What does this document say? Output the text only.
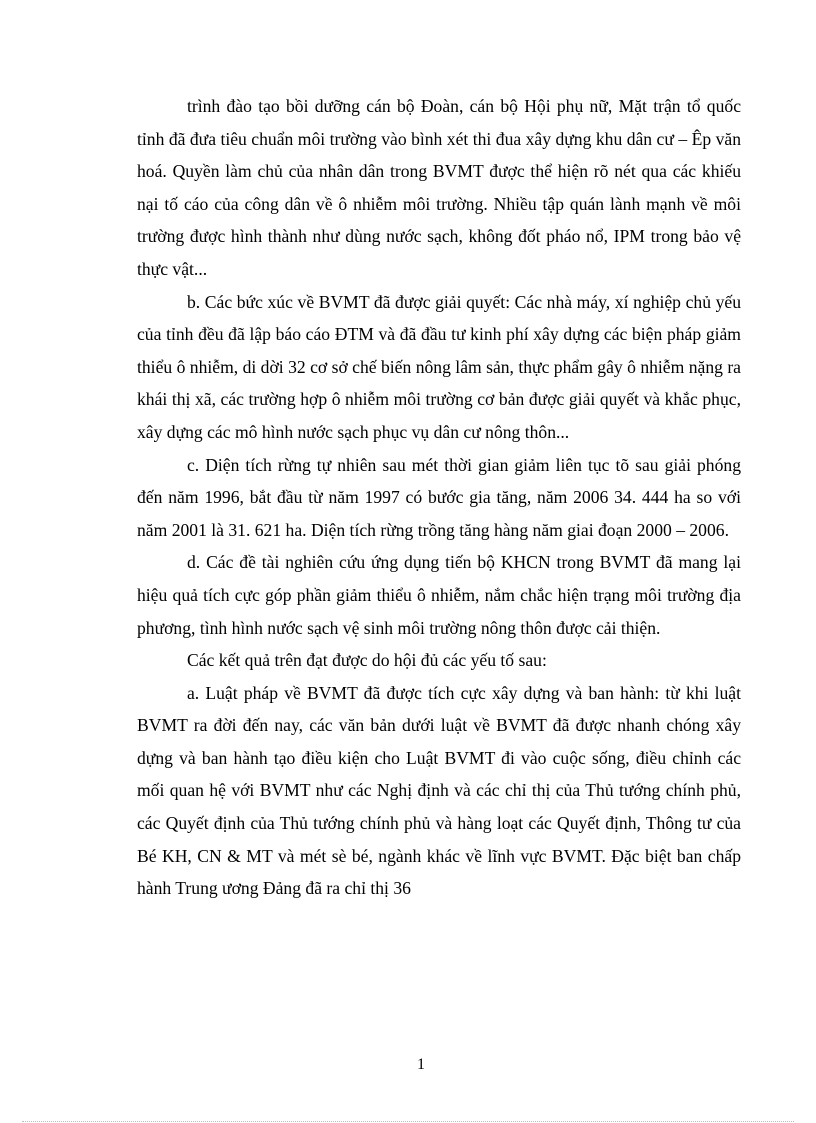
trình đào tạo bồi dưỡng cán bộ Đoàn, cán bộ Hội phụ nữ, Mặt trận tổ quốc tỉnh đã đưa tiêu chuẩn môi trường vào bình xét thi đua xây dựng khu dân cư – Êp văn hoá. Quyền làm chủ của nhân dân trong BVMT được thể hiện rõ nét qua các khiếu nại tố cáo của công dân về ô nhiễm môi trường. Nhiều tập quán lành mạnh về môi trường được hình thành như dùng nước sạch, không đốt pháo nổ, IPM trong bảo vệ thực vật...

b. Các bức xúc về BVMT đã được giải quyết: Các nhà máy, xí nghiệp chủ yếu của tỉnh đều đã lập báo cáo ĐTM và đã đầu tư kinh phí xây dựng các biện pháp giảm thiểu ô nhiễm, di dời 32 cơ sở chế biến nông lâm sản, thực phẩm gây ô nhiễm nặng ra khái thị xã, các trường hợp ô nhiễm môi trường cơ bản được giải quyết và khắc phục, xây dựng các mô hình nước sạch phục vụ dân cư nông thôn...

c. Diện tích rừng tự nhiên sau mét thời gian giảm liên tục tõ sau giải phóng đến năm 1996, bắt đầu từ năm 1997 có bước gia tăng, năm 2006 34. 444 ha so với năm 2001 là 31. 621 ha. Diện tích rừng trồng tăng hàng năm giai đoạn 2000 – 2006.

d. Các đề tài nghiên cứu ứng dụng tiến bộ KHCN trong BVMT đã mang lại hiệu quả tích cực góp phần giảm thiểu ô nhiễm, nắm chắc hiện trạng môi trường địa phương, tình hình nước sạch vệ sinh môi trường nông thôn được cải thiện.

Các kết quả trên đạt được do hội đủ các yếu tố sau:

a. Luật pháp về BVMT đã được tích cực xây dựng và ban hành: từ khi luật BVMT ra đời đến nay, các văn bản dưới luật về BVMT đã được nhanh chóng xây dựng và ban hành tạo điều kiện cho Luật BVMT đi vào cuộc sống, điều chỉnh các mối quan hệ với BVMT như các Nghị định và các chỉ thị của Thủ tướng chính phủ, các Quyết định của Thủ tướng chính phủ và hàng loạt các Quyết định, Thông tư của Bé KH, CN & MT và mét sè bé, ngành khác về lĩnh vực BVMT. Đặc biệt ban chấp hành Trung ương Đảng đã ra chỉ thị 36

1
